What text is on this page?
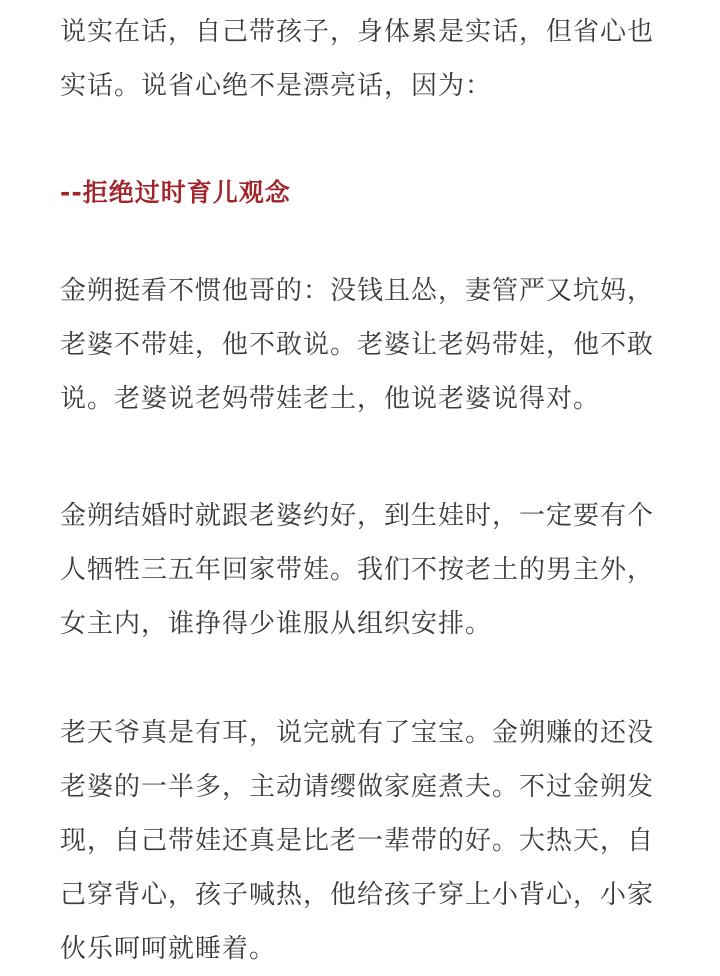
说实在话，自己带孩子，身体累是实话，但省心也
实话。说省心绝不是漂亮话，因为：

--拒绝过时育儿观念

金朔挺看不惯他哥的：没钱且怂，妻管严又坑妈，
老婆不带娃，他不敢说。老婆让老妈带娃，他不敢
说。老婆说老妈带娃老土，他说老婆说得对。

金朔结婚时就跟老婆约好，到生娃时，一定要有个
人牺牲三五年回家带娃。我们不按老土的男主外，
女主内，谁挣得少谁服从组织安排。

老天爷真是有耳，说完就有了宝宝。金朔赚的还没
老婆的一半多，主动请缨做家庭煮夫。不过金朔发
现，自己带娃还真是比老一辈带的好。大热天，自
己穿背心，孩子喊热，他给孩子穿上小背心，小家
伙乐呵呵就睡着。
